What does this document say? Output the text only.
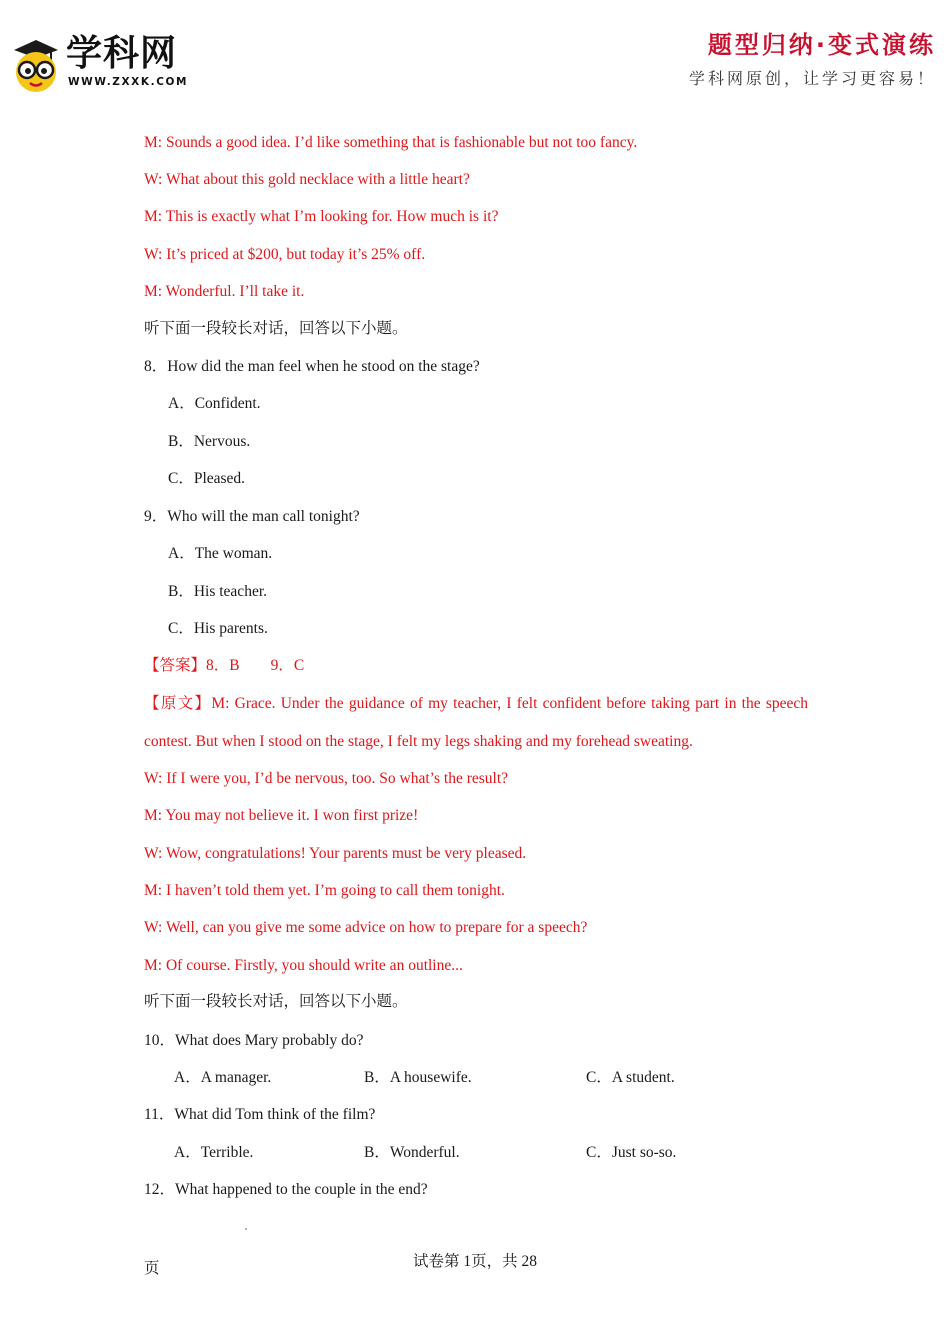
学科网
WWW.ZXXK.COM
题型归纳·变式演练
学科网原创，让学习更容易！
M: Sounds a good idea. I’d like something that is fashionable but not too fancy.
W: What about this gold necklace with a little heart?
M: This is exactly what I’m looking for. How much is it?
W: It’s priced at $200, but today it’s 25% off.
M: Wonderful. I’ll take it.
听下面一段较长对话，回答以下小题。
8．How did the man feel when he stood on the stage?
A．Confident.
B．Nervous.
C．Pleased.
9．Who will the man call tonight?
A．The woman.
B．His teacher.
C．His parents.
【答案】8．B　　9．C
【原文】M: Grace. Under the guidance of my teacher, I felt confident before taking part in the speech contest. But when I stood on the stage, I felt my legs shaking and my forehead sweating.
W: If I were you, I’d be nervous, too. So what’s the result?
M: You may not believe it. I won first prize!
W: Wow, congratulations! Your parents must be very pleased.
M: I haven’t told them yet. I’m going to call them tonight.
W: Well, can you give me some advice on how to prepare for a speech?
M: Of course. Firstly, you should write an outline...
听下面一段较长对话，回答以下小题。
10．What does Mary probably do?
A．A manager.	B．A housewife.	C．A student.
11．What did Tom think of the film?
A．Terrible.	B．Wonderful.	C．Just so-so.
12．What happened to the couple in the end?
试卷第 1页，共 28
页
